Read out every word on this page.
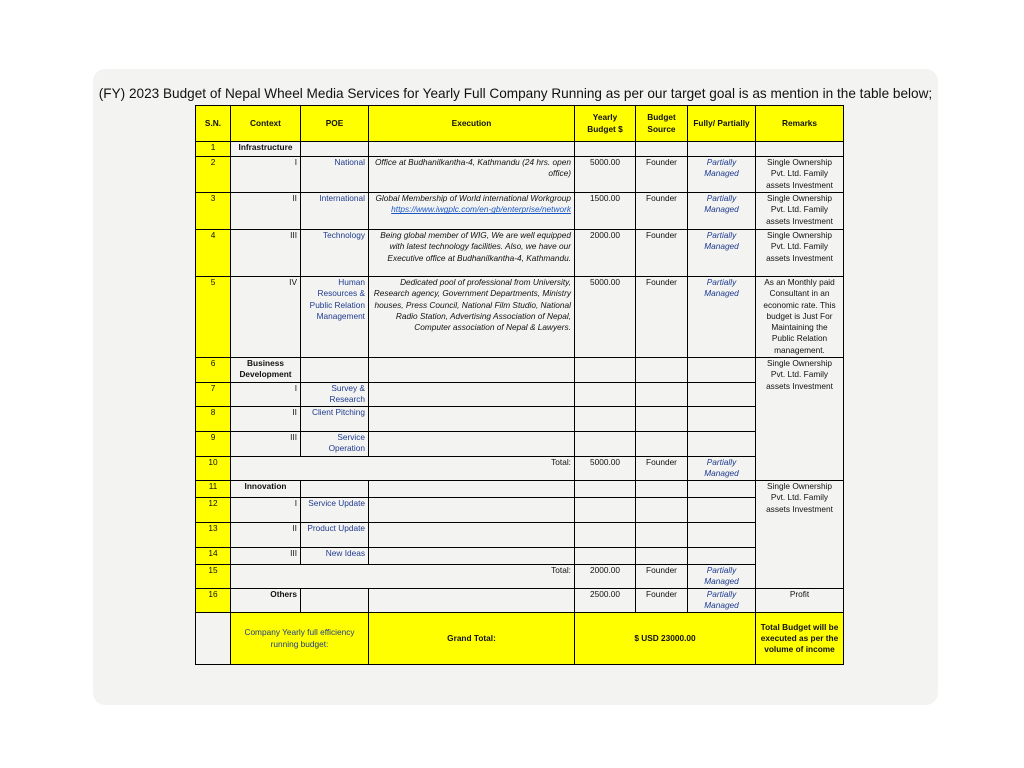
(FY) 2023 Budget of Nepal Wheel Media Services for Yearly Full Company Running as per our target goal is as mention in the table below;
S.N.	Context	POE	Execution	Yearly Budget $	Budget Source	Fully/ Partially	Remarks
1	Infrastructure						
2	I	National	Office at Budhanilkantha-4, Kathmandu (24 hrs. open office)	5000.00	Founder	Partially Managed	Single Ownership Pvt. Ltd. Family assets Investment
3	II	International	Global Membership of World international Workgroup https://www.iwgplc.com/en-gb/enterprise/network	1500.00	Founder	Partially Managed	Single Ownership Pvt. Ltd. Family assets Investment
4	III	Technology	Being global member of WIG, We are well equipped with latest technology facilities. Also, we have our Executive office at Budhanilkantha-4, Kathmandu.	2000.00	Founder	Partially Managed	Single Ownership Pvt. Ltd. Family assets Investment
5	IV	Human Resources & Public Relation Management	Dedicated pool of professional from University, Research agency, Government Departments, Ministry houses, Press Council, National Film Studio, National Radio Station, Advertising Association of Nepal, Computer association of Nepal & Lawyers.	5000.00	Founder	Partially Managed	As an Monthly paid Consultant in an economic rate. This budget is Just For Maintaining the Public Relation management.
6	Business Development						Single Ownership Pvt. Ltd. Family assets Investment
7	I	Survey & Research					
8	II	Client Pitching					
9	III	Service Operation					
10	Total:			5000.00	Founder	Partially Managed	
11	Innovation						Single Ownership Pvt. Ltd. Family assets Investment
12	I	Service Update					
13	II	Product Update					
14	III	New Ideas					
15	Total:			2000.00	Founder	Partially Managed	
16	Others			2500.00	Founder	Partially Managed	Profit
	Company Yearly full efficiency running budget:		Grand Total:	$ USD 23000.00			Total Budget will be executed as per the volume of income
